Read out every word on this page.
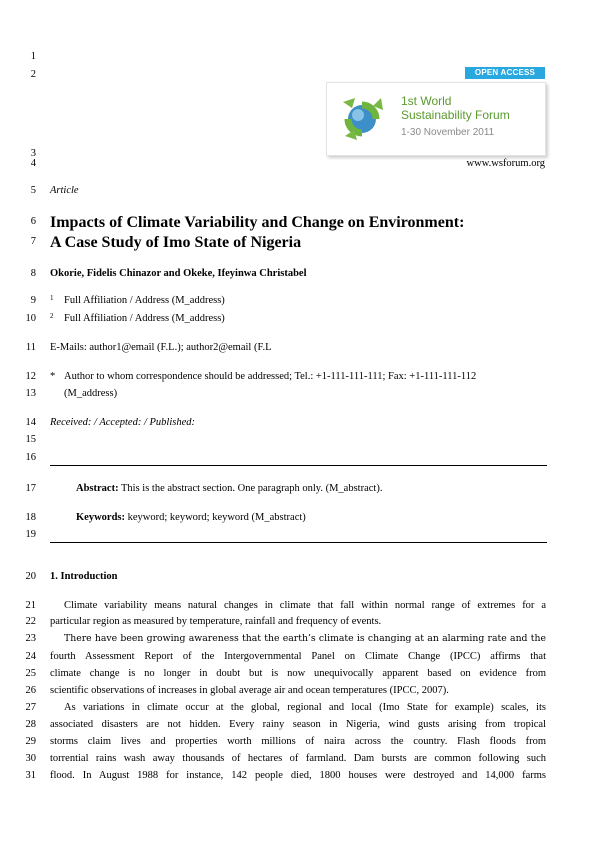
1
2
3
4
5
6
7
8
9
10
11
12
13
14
15
16
17
18
19
20
21
22
23
24
25
26
27
28
29
30
31
OPEN ACCESS
1st World
Sustainability Forum
1-30 November 2011
www.wsforum.org
Article
Impacts of Climate Variability and Change on Environment:
A Case Study of Imo State of Nigeria
Okorie, Fidelis Chinazor and Okeke, Ifeyinwa Christabel
$^1$ Full Affiliation / Address (M_address)
$^2$ Full Affiliation / Address (M_address)
E-Mails: author1@email (F.L.); author2@email (F.L
* Author to whom correspondence should be addressed; Tel.: +1-111-111-111; Fax: +1-111-111-112
(M_address)
Received: / Accepted: / Published:
Abstract: This is the abstract section. One paragraph only. (M_abstract).
Keywords: keyword; keyword; keyword (M_abstract)
1. Introduction
Climate variability means natural changes in climate that fall within normal range of extremes for a
particular region as measured by temperature, rainfall and frequency of events.
There have been growing awareness that the earth’s climate is changing at an alarming rate and the
fourth Assessment Report of the Intergovernmental Panel on Climate Change (IPCC) affirms that
climate change is no longer in doubt but is now unequivocally apparent based on evidence from
scientific observations of increases in global average air and ocean temperatures (IPCC, 2007).
As variations in climate occur at the global, regional and local (Imo State for example) scales, its
associated disasters are not hidden. Every rainy season in Nigeria, wind gusts arising from tropical
storms claim lives and properties worth millions of naira across the country. Flash floods from
torrential rains wash away thousands of hectares of farmland. Dam bursts are common following such
flood. In August 1988 for instance, 142 people died, 1800 houses were destroyed and 14,000 farms
